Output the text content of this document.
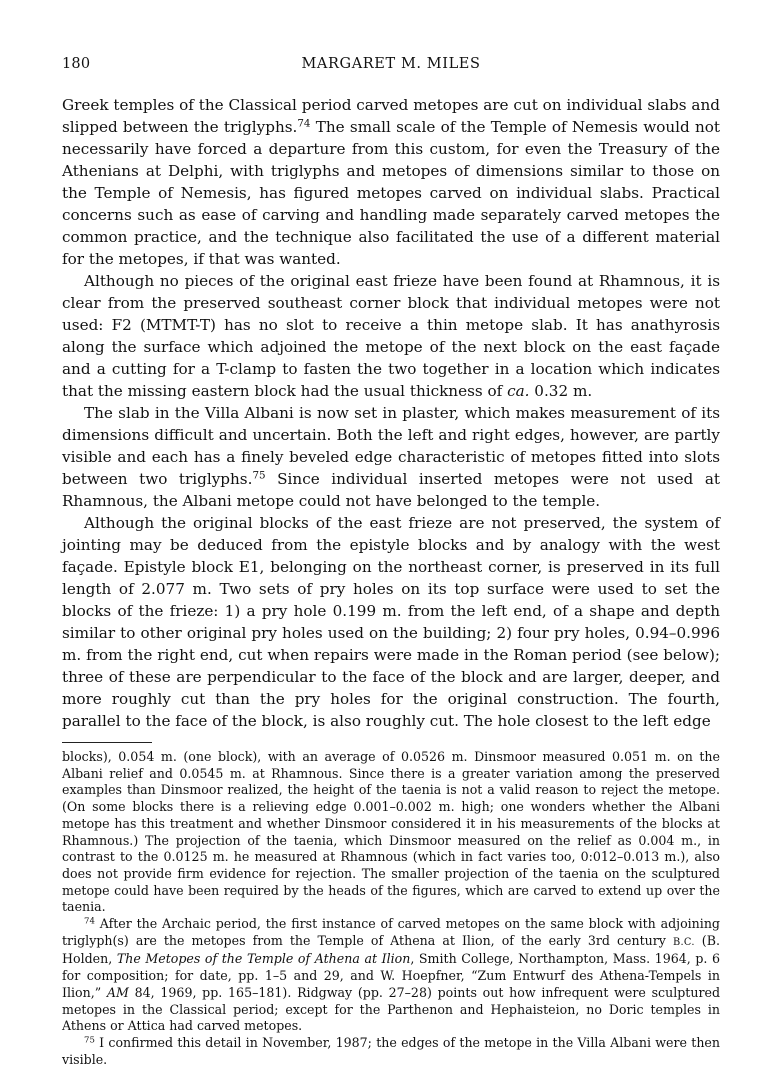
180	MARGARET M. MILES

Greek temples of the Classical period carved metopes are cut on individual slabs and slipped between the triglyphs.$^{74}$ The small scale of the Temple of Nemesis would not necessarily have forced a departure from this custom, for even the Treasury of the Athenians at Delphi, with triglyphs and metopes of dimensions similar to those on the Temple of Nemesis, has figured metopes carved on individual slabs. Practical concerns such as ease of carving and handling made separately carved metopes the common practice, and the technique also facilitated the use of a different material for the metopes, if that was wanted.

Although no pieces of the original east frieze have been found at Rhamnous, it is clear from the preserved southeast corner block that individual metopes were not used: F2 (MTMT-T) has no slot to receive a thin metope slab. It has anathyrosis along the surface which adjoined the metope of the next block on the east façade and a cutting for a T-clamp to fasten the two together in a location which indicates that the missing eastern block had the usual thickness of ca. 0.32 m.

The slab in the Villa Albani is now set in plaster, which makes measurement of its dimensions difficult and uncertain. Both the left and right edges, however, are partly visible and each has a finely beveled edge characteristic of metopes fitted into slots between two triglyphs.$^{75}$ Since individual inserted metopes were not used at Rhamnous, the Albani metope could not have belonged to the temple.

Although the original blocks of the east frieze are not preserved, the system of jointing may be deduced from the epistyle blocks and by analogy with the west façade. Epistyle block E1, belonging on the northeast corner, is preserved in its full length of 2.077 m. Two sets of pry holes on its top surface were used to set the blocks of the frieze: 1) a pry hole 0.199 m. from the left end, of a shape and depth similar to other original pry holes used on the building; 2) four pry holes, 0.94–0.996 m. from the right end, cut when repairs were made in the Roman period (see below); three of these are perpendicular to the face of the block and are larger, deeper, and more roughly cut than the pry holes for the original construction. The fourth, parallel to the face of the block, is also roughly cut. The hole closest to the left edge

blocks), 0.054 m. (one block), with an average of 0.0526 m. Dinsmoor measured 0.051 m. on the Albani relief and 0.0545 m. at Rhamnous. Since there is a greater variation among the preserved examples than Dinsmoor realized, the height of the taenia is not a valid reason to reject the metope. (On some blocks there is a relieving edge 0.001–0.002 m. high; one wonders whether the Albani metope has this treatment and whether Dinsmoor considered it in his measurements of the blocks at Rhamnous.) The projection of the taenia, which Dinsmoor measured on the relief as 0.004 m., in contrast to the 0.0125 m. he measured at Rhamnous (which in fact varies too, 0:012–0.013 m.), also does not provide firm evidence for rejection. The smaller projection of the taenia on the sculptured metope could have been required by the heads of the figures, which are carved to extend up over the taenia.

$^{74}$ After the Archaic period, the first instance of carved metopes on the same block with adjoining triglyph(s) are the metopes from the Temple of Athena at Ilion, of the early 3rd century B.C. (B. Holden, The Metopes of the Temple of Athena at Ilion, Smith College, Northampton, Mass. 1964, p. 6 for composition; for date, pp. 1–5 and 29, and W. Hoepfner, “Zum Entwurf des Athena-Tempels in Ilion,” AM 84, 1969, pp. 165–181). Ridgway (pp. 27–28) points out how infrequent were sculptured metopes in the Classical period; except for the Parthenon and Hephaisteion, no Doric temples in Athens or Attica had carved metopes.

$^{75}$ I confirmed this detail in November, 1987; the edges of the metope in the Villa Albani were then visible.
